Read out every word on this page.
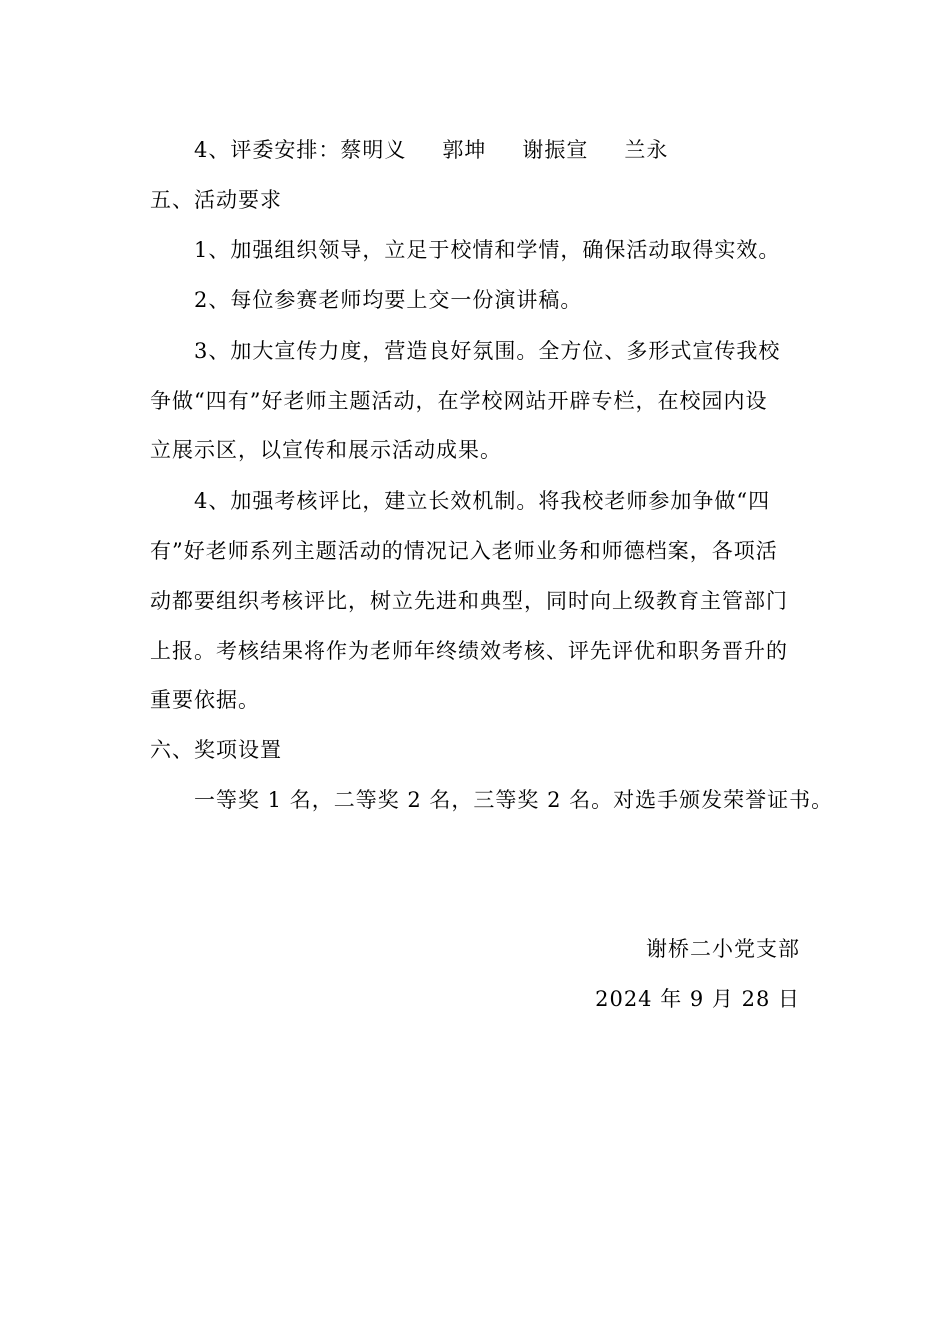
4、评委安排： 蔡明义 郭坤 谢振宣 兰永
五、活动要求
1、加强组织领导，立足于校情和学情，确保活动取得实效。
2、每位参赛老师均要上交一份演讲稿。
3、加大宣传力度，营造良好氛围。全方位、多形式宣传我校
争做“四有”好老师主题活动，在学校网站开辟专栏，在校园内设
立展示区，以宣传和展示活动成果。
4、加强考核评比，建立长效机制。将我校老师参加争做“四
有”好老师系列主题活动的情况记入老师业务和师德档案，各项活
动都要组织考核评比，树立先进和典型，同时向上级教育主管部门
上报。考核结果将作为老师年终绩效考核、评先评优和职务晋升的
重要依据。
六、奖项设置
一等奖 1 名，二等奖 2 名，三等奖 2 名。对选手颁发荣誉证书。
谢桥二小党支部
2024 年 9 月 28 日
